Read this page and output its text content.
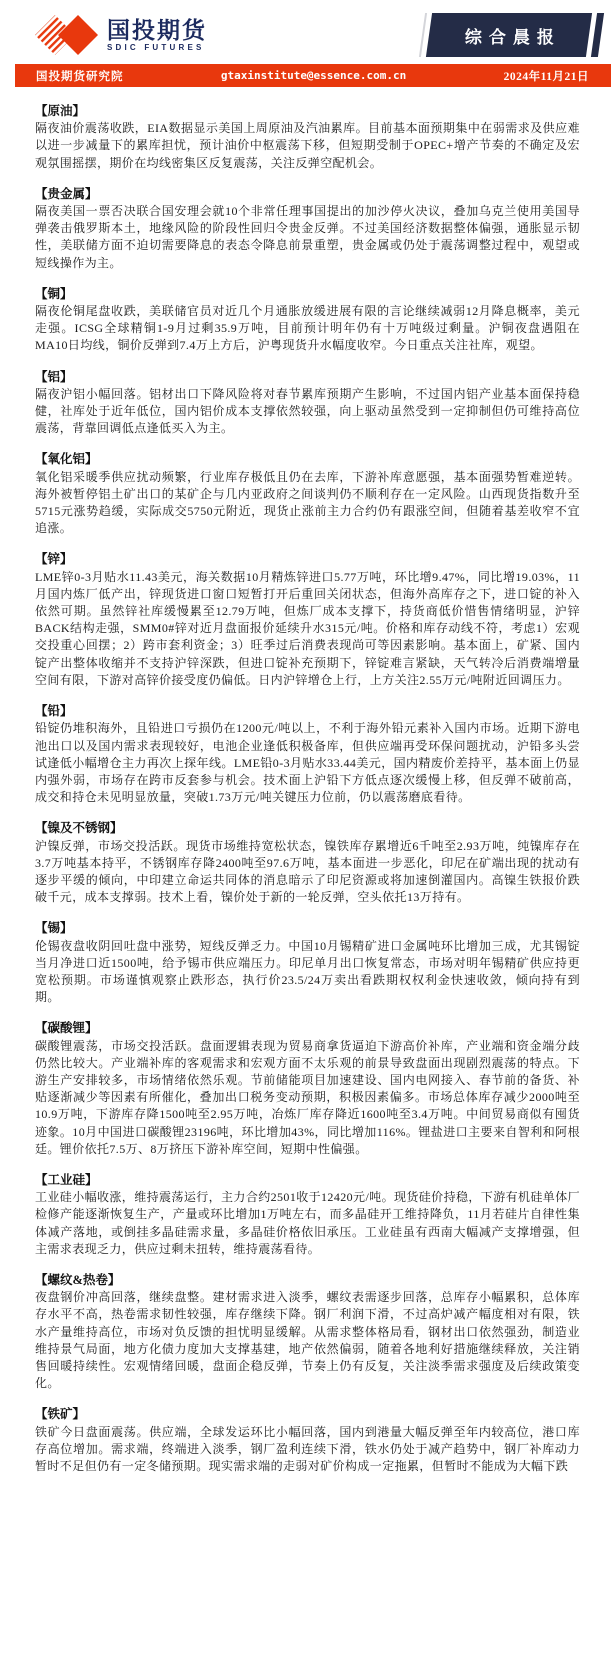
国投期货
SDIC FUTURES
综合晨报
国投期货研究院	gtaxinstitute@essence.com.cn	2024年11月21日
【原油】

隔夜油价震荡收跌，EIA数据显示美国上周原油及汽油累库。目前基本面预期集中在弱需求及供应难以进一步减量下的累库担忧，预计油价中枢震荡下移，但短期受制于OPEC+增产节奏的不确定及宏观氛围摇摆，期价在均线密集区反复震荡，关注反弹空配机会。

【贵金属】

隔夜美国一票否决联合国安理会就10个非常任理事国提出的加沙停火决议，叠加乌克兰使用美国导弹袭击俄罗斯本土，地缘风险的阶段性回归令贵金反弹。不过美国经济数据整体偏强，通胀显示韧性，美联储方面不迫切需要降息的表态令降息前景重塑，贵金属或仍处于震荡调整过程中，观望或短线操作为主。

【铜】

隔夜伦铜尾盘收跌，美联储官员对近几个月通胀放缓进展有限的言论继续减弱12月降息概率，美元走强。ICSG全球精铜1-9月过剩35.9万吨，目前预计明年仍有十万吨级过剩量。沪铜夜盘遇阻在MA10日均线，铜价反弹到7.4万上方后，沪粤现货升水幅度收窄。今日重点关注社库，观望。

【铝】

隔夜沪铝小幅回落。铝材出口下降风险将对春节累库预期产生影响，不过国内铝产业基本面保持稳健，社库处于近年低位，国内铝价成本支撑依然较强，向上驱动虽然受到一定抑制但仍可维持高位震荡，背靠回调低点逢低买入为主。

【氧化铝】

氧化铝采暖季供应扰动频繁，行业库存极低且仍在去库，下游补库意愿强，基本面强势暂难逆转。海外被暂停铝土矿出口的某矿企与几内亚政府之间谈判仍不顺利存在一定风险。山西现货指数升至5715元涨势趋缓，实际成交5750元附近，现货止涨前主力合约仍有跟涨空间，但随着基差收窄不宜追涨。

【锌】

LME锌0-3月贴水11.43美元，海关数据10月精炼锌进口5.77万吨，环比增9.47%，同比增19.03%，11月国内炼厂低产出，锌现货进口窗口短暂打开后重回关闭状态，但海外高库存之下，进口锭的补入依然可期。虽然锌社库缓慢累至12.79万吨，但炼厂成本支撑下，持货商低价惜售情绪明显，沪锌BACK结构走强，SMM0#锌对近月盘面报价延续升水315元/吨。价格和库存动线不符，考虑1）宏观交投重心回摆；2）跨市套利资金；3）旺季过后消费表现尚可等因素影响。基本面上，矿紧、国内锭产出整体收缩并不支持沪锌深跌，但进口锭补充预期下，锌锭难言紧缺，天气转冷后消费端增量空间有限，下游对高锌价接受度仍偏低。日内沪锌增仓上行，上方关注2.55万元/吨附近回调压力。

【铅】

铅锭仍堆积海外，且铅进口亏损仍在1200元/吨以上，不利于海外铅元素补入国内市场。近期下游电池出口以及国内需求表现较好，电池企业逢低积极备库，但供应端再受环保问题扰动，沪铅多头尝试逢低小幅增仓主力再次上探年线。LME铅0-3月贴水33.44美元，国内精废价差持平，基本面上仍显内强外弱，市场存在跨市反套参与机会。技术面上沪铅下方低点逐次缓慢上移，但反弹不破前高，成交和持仓未见明显放量，突破1.73万元/吨关键压力位前，仍以震荡磨底看待。

【镍及不锈钢】

沪镍反弹，市场交投活跃。现货市场维持宽松状态，镍铁库存累增近6千吨至2.93万吨，纯镍库存在3.7万吨基本持平，不锈钢库存降2400吨至97.6万吨，基本面进一步恶化，印尼在矿端出现的扰动有逐步平缓的倾向，中印建立命运共同体的消息暗示了印尼资源或将加速倒灌国内。高镍生铁报价跌破千元，成本支撑弱。技术上看，镍价处于新的一轮反弹，空头依托13万持有。

【锡】

伦锡夜盘收阴回吐盘中涨势，短线反弹乏力。中国10月锡精矿进口金属吨环比增加三成，尤其锡锭当月净进口近1500吨，给予锡市供应端压力。印尼单月出口恢复常态，市场对明年锡精矿供应持更宽松预期。市场谨慎观察止跌形态，执行价23.5/24万卖出看跌期权权利金快速收敛，倾向持有到期。

【碳酸锂】

碳酸锂震荡，市场交投活跃。盘面逻辑表现为贸易商拿货逼迫下游高价补库，产业端和资金端分歧仍然比较大。产业端补库的客观需求和宏观方面不太乐观的前景导致盘面出现剧烈震荡的特点。下游生产安排较多，市场情绪依然乐观。节前储能项目加速建设、国内电网接入、春节前的备货、补贴逐渐减少等因素有所催化，叠加出口税务变动预期，积极因素偏多。市场总体库存减少2000吨至10.9万吨，下游库存降1500吨至2.95万吨，冶炼厂库存降近1600吨至3.4万吨。中间贸易商似有囤货迹象。10月中国进口碳酸锂23196吨，环比增加43%，同比增加116%。锂盐进口主要来自智利和阿根廷。锂价依托7.5万、8万挤压下游补库空间，短期中性偏强。

【工业硅】

工业硅小幅收涨，维持震荡运行，主力合约2501收于12420元/吨。现货硅价持稳，下游有机硅单体厂检修产能逐渐恢复生产，产量或环比增加1万吨左右，而多晶硅开工维持降负，11月若硅片自律性集体减产落地，或倒挂多晶硅需求量，多晶硅价格依旧承压。工业硅虽有西南大幅减产支撑增强，但主需求表现乏力，供应过剩未扭转，维持震荡看待。

【螺纹&热卷】

夜盘钢价冲高回落，继续盘整。建材需求进入淡季，螺纹表需逐步回落，总库存小幅累积，总体库存水平不高，热卷需求韧性较强，库存继续下降。钢厂利润下滑，不过高炉减产幅度相对有限，铁水产量维持高位，市场对负反馈的担忧明显缓解。从需求整体格局看，钢材出口依然强劲，制造业维持景气局面，地方化债力度加大支撑基建，地产依然偏弱，随着各地利好措施继续释放，关注销售回暖持续性。宏观情绪回暖，盘面企稳反弹，节奏上仍有反复，关注淡季需求强度及后续政策变化。

【铁矿】

铁矿今日盘面震荡。供应端，全球发运环比小幅回落，国内到港量大幅反弹至年内较高位，港口库存高位增加。需求端，终端进入淡季，钢厂盈利连续下滑，铁水仍处于减产趋势中，钢厂补库动力暂时不足但仍有一定冬储预期。现实需求端的走弱对矿价构成一定拖累，但暂时不能成为大幅下跌
